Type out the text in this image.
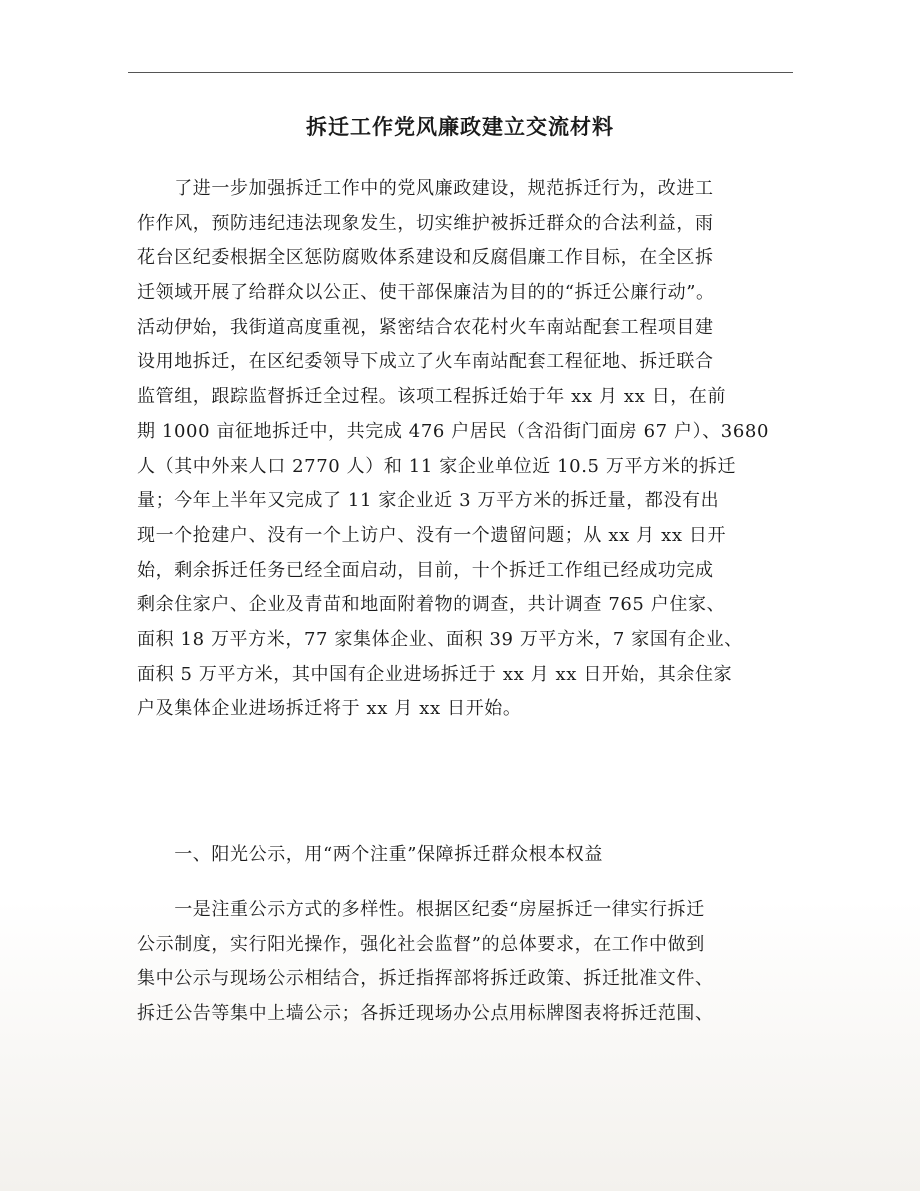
拆迁工作党风廉政建立交流材料
　　了进一步加强拆迁工作中的党风廉政建设，规范拆迁行为，改进工
作作风，预防违纪违法现象发生，切实维护被拆迁群众的合法利益，雨
花台区纪委根据全区惩防腐败体系建设和反腐倡廉工作目标，在全区拆
迁领域开展了给群众以公正、使干部保廉洁为目的的“拆迁公廉行动”。
活动伊始，我街道高度重视，紧密结合农花村火车南站配套工程项目建
设用地拆迁，在区纪委领导下成立了火车南站配套工程征地、拆迁联合
监管组，跟踪监督拆迁全过程。该项工程拆迁始于年 xx 月 xx 日，在前
期 1000 亩征地拆迁中，共完成 476 户居民（含沿街门面房 67 户）、3680
人（其中外来人口 2770 人）和 11 家企业单位近 10.5 万平方米的拆迁
量；今年上半年又完成了 11 家企业近 3 万平方米的拆迁量，都没有出
现一个抢建户、没有一个上访户、没有一个遗留问题；从 xx 月 xx 日开
始，剩余拆迁任务已经全面启动，目前，十个拆迁工作组已经成功完成
剩余住家户、企业及青苗和地面附着物的调查，共计调查 765 户住家、
面积 18 万平方米，77 家集体企业、面积 39 万平方米，7 家国有企业、
面积 5 万平方米，其中国有企业进场拆迁于 xx 月 xx 日开始，其余住家
户及集体企业进场拆迁将于 xx 月 xx 日开始。
　　一、阳光公示，用“两个注重”保障拆迁群众根本权益
　　一是注重公示方式的多样性。根据区纪委“房屋拆迁一律实行拆迁
公示制度，实行阳光操作，强化社会监督”的总体要求，在工作中做到
集中公示与现场公示相结合，拆迁指挥部将拆迁政策、拆迁批准文件、
拆迁公告等集中上墙公示；各拆迁现场办公点用标牌图表将拆迁范围、
